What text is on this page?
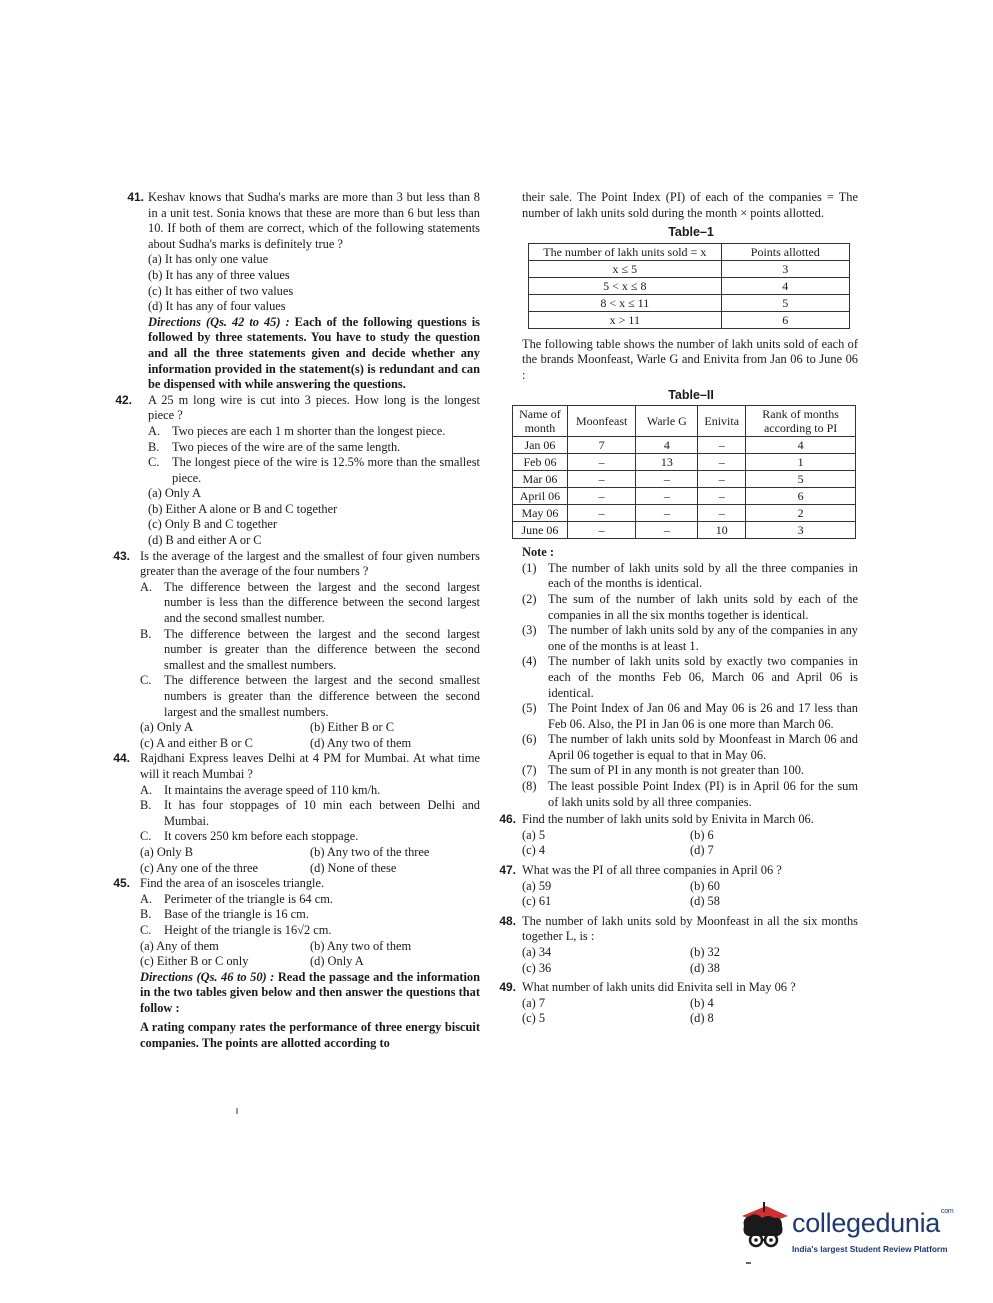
41. Keshav knows that Sudha's marks are more than 3 but less than 8 in a unit test. Sonia knows that these are more than 6 but less than 10. If both of them are correct, which of the following statements about Sudha's marks is definitely true ?

(a) It has only one value

(b) It has any of three values

(c) It has either of two values

(d) It has any of four values

Directions (Qs. 42 to 45) : Each of the following questions is followed by three statements. You have to study the question and all the three statements given and decide whether any information provided in the statement(s) is redundant and can be dispensed with while answering the questions.

42. A 25 m long wire is cut into 3 pieces. How long is the longest piece ?

A. Two pieces are each 1 m shorter than the longest piece.

B. Two pieces of the wire are of the same length.

C. The longest piece of the wire is 12.5% more than the smallest piece.

(a) Only A

(b) Either A alone or B and C together

(c) Only B and C together

(d) B and either A or C

43. Is the average of the largest and the smallest of four given numbers greater than the average of the four numbers ?

A. The difference between the largest and the second largest number is less than the difference between the second largest and the second smallest number.

B. The difference between the largest and the second largest number is greater than the difference between the second smallest and the smallest numbers.

C. The difference between the largest and the second smallest numbers is greater than the difference between the second largest and the smallest numbers.

(a) Only A	(b) Either B or C

(c) A and either B or C	(d) Any two of them

44. Rajdhani Express leaves Delhi at 4 PM for Mumbai. At what time will it reach Mumbai ?

A. It maintains the average speed of 110 km/h.

B. It has four stoppages of 10 min each between Delhi and Mumbai.

C. It covers 250 km before each stoppage.

(a) Only B	(b) Any two of the three

(c) Any one of the three	(d) None of these

45. Find the area of an isosceles triangle.

A. Perimeter of the triangle is 64 cm.

B. Base of the triangle is 16 cm.

C. Height of the triangle is 16√2 cm.

(a) Any of them	(b) Any two of them

(c) Either B or C only	(d) Only A

Directions (Qs. 46 to 50) : Read the passage and the information in the two tables given below and then answer the questions that follow :

A rating company rates the performance of three energy biscuit companies. The points are allotted according to

their sale. The Point Index (PI) of each of the companies = The number of lakh units sold during the month × points allotted.

Table–1
The number of lakh units sold = x	Points allotted
x ≤ 5	3
5 < x ≤ 8	4
8 < x ≤ 11	5
x > 11	6

The following table shows the number of lakh units sold of each of the brands Moonfeast, Warle G and Enivita from Jan 06 to June 06 :

Table–II
Name of month	Moonfeast	Warle G	Enivita	Rank of months according to PI
Jan 06	7	4	–	4
Feb 06	–	13	–	1
Mar 06	–	–	–	5
April 06	–	–	–	6
May 06	–	–	–	2
June 06	–	–	10	3

Note :

(1) The number of lakh units sold by all the three companies in each of the months is identical.

(2) The sum of the number of lakh units sold by each of the companies in all the six months together is identical.

(3) The number of lakh units sold by any of the companies in any one of the months is at least 1.

(4) The number of lakh units sold by exactly two companies in each of the months Feb 06, March 06 and April 06 is identical.

(5) The Point Index of Jan 06 and May 06 is 26 and 17 less than Feb 06. Also, the PI in Jan 06 is one more than March 06.

(6) The number of lakh units sold by Moonfeast in March 06 and April 06 together is equal to that in May 06.

(7) The sum of PI in any month is not greater than 100.

(8) The least possible Point Index (PI) is in April 06 for the sum of lakh units sold by all three companies.

46. Find the number of lakh units sold by Enivita in March 06.

(a) 5	(b) 6

(c) 4	(d) 7

47. What was the PI of all three companies in April 06 ?

(a) 59	(b) 60

(c) 61	(d) 58

48. The number of lakh units sold by Moonfeast in all the six months together L, is :

(a) 34	(b) 32

(c) 36	(d) 38

49. What number of lakh units did Enivita sell in May 06 ?

(a) 7	(b) 4

(c) 5	(d) 8

collegedunia$^{com}$
India's largest Student Review Platform
